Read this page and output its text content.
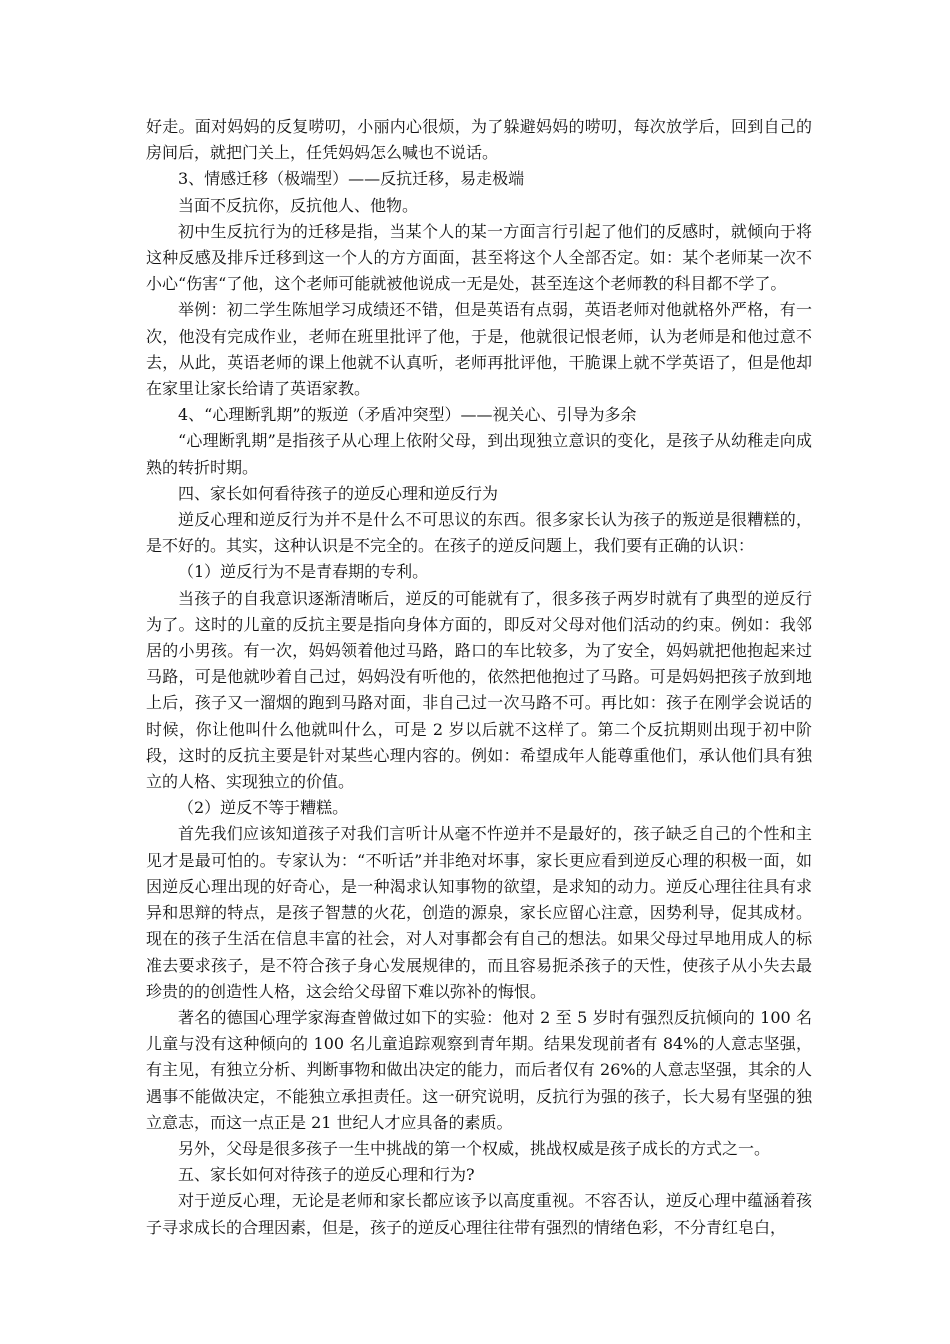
好走。面对妈妈的反复唠叨，小丽内心很烦，为了躲避妈妈的唠叨，每次放学后，回到自己的房间后，就把门关上，任凭妈妈怎么喊也不说话。

3、情感迁移（极端型）——反抗迁移，易走极端

当面不反抗你，反抗他人、他物。

初中生反抗行为的迁移是指，当某个人的某一方面言行引起了他们的反感时，就倾向于将这种反感及排斥迁移到这一个人的方方面面，甚至将这个人全部否定。如：某个老师某一次不小心“伤害“了他，这个老师可能就被他说成一无是处，甚至连这个老师教的科目都不学了。

举例：初二学生陈旭学习成绩还不错，但是英语有点弱，英语老师对他就格外严格，有一次，他没有完成作业，老师在班里批评了他，于是，他就很记恨老师，认为老师是和他过意不去，从此，英语老师的课上他就不认真听，老师再批评他，干脆课上就不学英语了，但是他却在家里让家长给请了英语家教。

4、“心理断乳期”的叛逆（矛盾冲突型）——视关心、引导为多余

“心理断乳期”是指孩子从心理上依附父母，到出现独立意识的变化，是孩子从幼稚走向成熟的转折时期。

四、家长如何看待孩子的逆反心理和逆反行为

逆反心理和逆反行为并不是什么不可思议的东西。很多家长认为孩子的叛逆是很糟糕的，是不好的。其实，这种认识是不完全的。在孩子的逆反问题上，我们要有正确的认识：

（1）逆反行为不是青春期的专利。

当孩子的自我意识逐渐清晰后，逆反的可能就有了，很多孩子两岁时就有了典型的逆反行为了。这时的儿童的反抗主要是指向身体方面的，即反对父母对他们活动的约束。例如：我邻居的小男孩。有一次，妈妈领着他过马路，路口的车比较多，为了安全，妈妈就把他抱起来过马路，可是他就吵着自己过，妈妈没有听他的，依然把他抱过了马路。可是妈妈把孩子放到地上后，孩子又一溜烟的跑到马路对面，非自己过一次马路不可。再比如：孩子在刚学会说话的时候，你让他叫什么他就叫什么，可是 2 岁以后就不这样了。第二个反抗期则出现于初中阶段，这时的反抗主要是针对某些心理内容的。例如：希望成年人能尊重他们，承认他们具有独立的人格、实现独立的价值。

（2）逆反不等于糟糕。

首先我们应该知道孩子对我们言听计从毫不忤逆并不是最好的，孩子缺乏自己的个性和主见才是最可怕的。专家认为：“不听话”并非绝对坏事，家长更应看到逆反心理的积极一面，如因逆反心理出现的好奇心，是一种渴求认知事物的欲望，是求知的动力。逆反心理往往具有求异和思辩的特点，是孩子智慧的火花，创造的源泉，家长应留心注意，因势利导，促其成材。现在的孩子生活在信息丰富的社会，对人对事都会有自己的想法。如果父母过早地用成人的标准去要求孩子，是不符合孩子身心发展规律的，而且容易扼杀孩子的天性，使孩子从小失去最珍贵的的创造性人格，这会给父母留下难以弥补的悔恨。

著名的德国心理学家海查曾做过如下的实验：他对 2 至 5 岁时有强烈反抗倾向的 100 名儿童与没有这种倾向的 100 名儿童追踪观察到青年期。结果发现前者有 84%的人意志坚强，有主见，有独立分析、判断事物和做出决定的能力，而后者仅有 26%的人意志坚强，其余的人遇事不能做决定，不能独立承担责任。这一研究说明，反抗行为强的孩子，长大易有坚强的独立意志，而这一点正是 21 世纪人才应具备的素质。

另外，父母是很多孩子一生中挑战的第一个权威，挑战权威是孩子成长的方式之一。

五、家长如何对待孩子的逆反心理和行为?

对于逆反心理，无论是老师和家长都应该予以高度重视。不容否认，逆反心理中蕴涵着孩子寻求成长的合理因素，但是，孩子的逆反心理往往带有强烈的情绪色彩，不分青红皂白，
